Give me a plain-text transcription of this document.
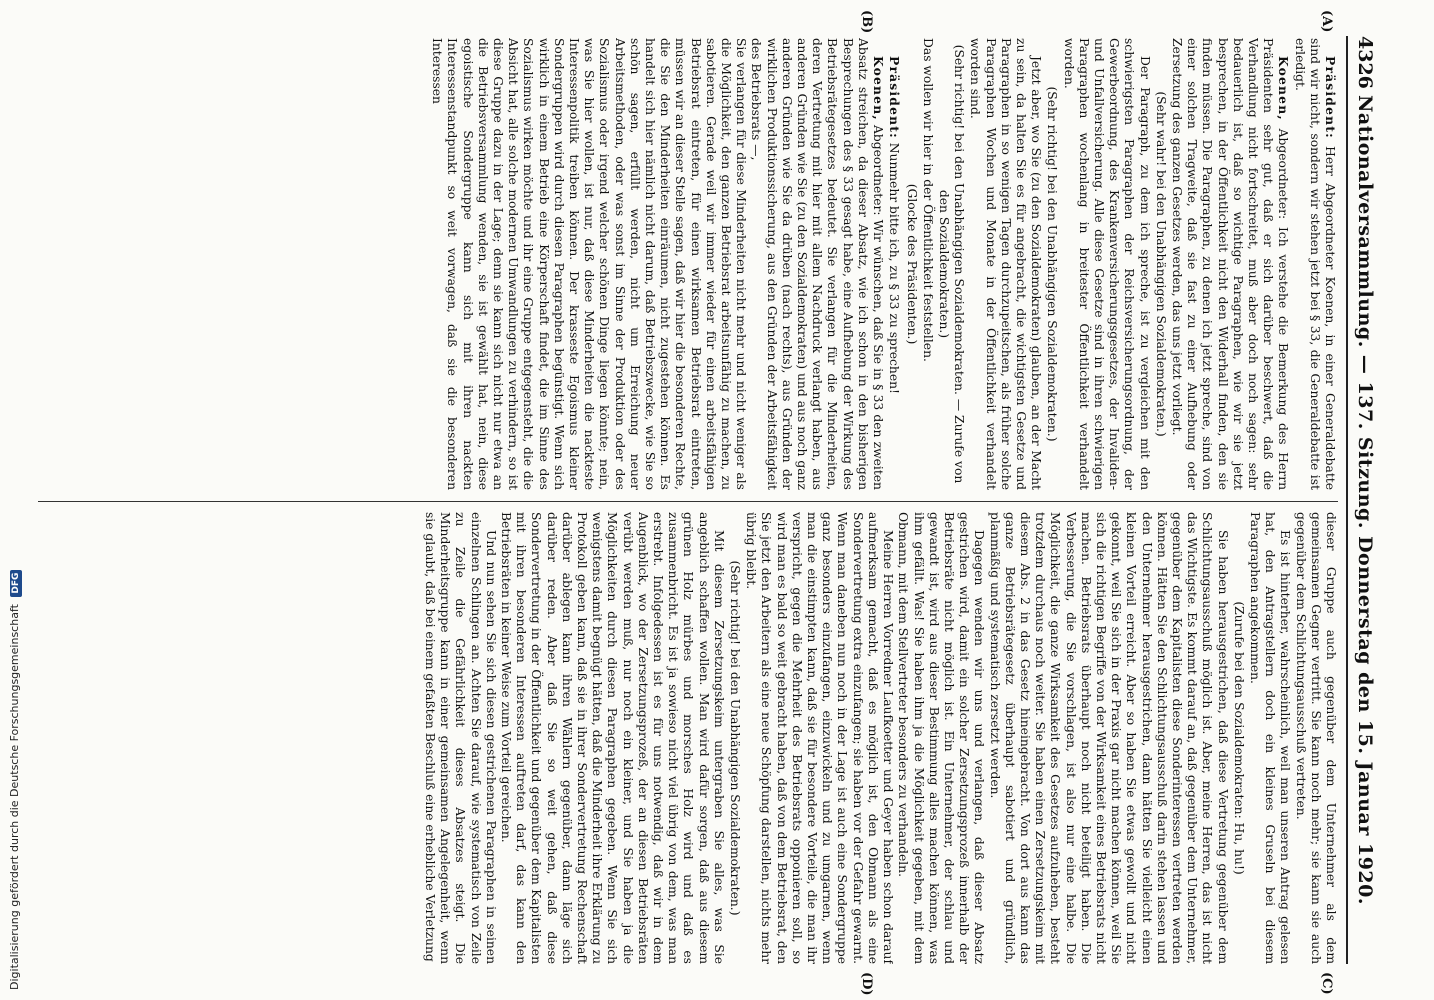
4326
Nationalversammlung. — 137. Sitzung. Donnerstag den 15. Januar 1920.
(A)
(B)
(C)
(D)

Präsident: Herr Abgeordneter Koenen, in einer Generaldebatte sind wir nicht, sondern wir stehen jetzt bei § 33, die Generaldebatte ist erledigt.

Koenen, Abgeordneter: Ich verstehe die Bemerkung des Herrn Präsidenten sehr gut, daß er sich darüber beschwert, daß die Verhandlung nicht fortschreitet, muß aber doch noch sagen: sehr bedauerlich ist, daß so wichtige Paragraphen, wie wir sie jetzt besprechen, in der Öffentlichkeit nicht den Widerhall finden, den sie finden müssen. Die Paragraphen, zu denen ich jetzt spreche, sind von einer solchen Tragweite, daß sie fast zu einer Aufhebung oder Zersetzung des ganzen Gesetzes werden, das uns jetzt vorliegt.

(Sehr wahr! bei den Unabhängigen Sozialdemokraten.)

Der Paragraph, zu dem ich spreche, ist zu vergleichen mit den schwierigsten Paragraphen der Reichsversicherungsordnung, der Gewerbeordnung, des Krankenversicherungsgesetzes, der Invaliden- und Unfallversicherung. Alle diese Gesetze sind in ihren schwierigen Paragraphen wochenlang in breitester Öffentlichkeit verhandelt worden.

(Sehr richtig! bei den Unabhängigen Sozialdemokraten.)

Jetzt aber, wo Sie (zu den Sozialdemokraten) glauben, an der Macht zu sein, da halten Sie es für angebracht, die wichtigsten Gesetze und Paragraphen in so wenigen Tagen durchzupeitschen, als früher solche Paragraphen Wochen und Monate in der Öffentlichkeit verhandelt worden sind.

(Sehr richtig! bei den Unabhängigen Sozialdemokraten. — Zurufe von den Sozialdemokraten.)

Das wollen wir hier in der Öffentlichkeit feststellen.

(Glocke des Präsidenten.)

Präsident: Nunmehr bitte ich, zu § 33 zu sprechen!

Koenen, Abgeordneter: Wir wünschen, daß Sie in § 33 den zweiten Absatz streichen, da dieser Absatz, wie ich schon in den bisherigen Besprechungen des § 33 gesagt habe, eine Aufhebung der Wirkung des Betriebsrätegesetzes bedeutet. Sie verlangen für die Minderheiten, deren Vertretung mit hier mit allem Nachdruck verlangt haben, aus anderen Gründen wie Sie (zu den Sozialdemokraten) und aus noch ganz anderen Gründen wie Sie da drüben (nach rechts), aus Gründen der wirklichen Produktionssicherung, aus den Gründen der Arbeitsfähigkeit des Betriebsrats —,

Sie verlangen für diese Minderheiten nicht mehr und nicht weniger als die Möglichkeit, den ganzen Betriebsrat arbeitsunfähig zu machen, zu sabotieren. Gerade weil wir immer wieder für einen arbeitsfähigen Betriebsrat eintreten, für einen wirksamen Betriebsrat eintreten, müssen wir an dieser Stelle sagen, daß wir hier die besonderen Rechte, die Sie den Minderheiten einräumen, nicht zugestehen können. Es handelt sich hier nämlich nicht darum, daß Betriebszwecke, wie Sie so schön sagen, erfüllt werden, nicht um Erreichung neuer Arbeitsmethoden, oder was sonst im Sinne der Produktion oder des Sozialismus oder irgend welcher schönen Dinge liegen könnte; nein, was Sie hier wollen, ist nur, daß diese Minderheiten die nackteste Interessenpolitik treiben können. Der krasseste Egoismus kleiner Sondergruppen wird durch diesen Paragraphen begünstigt. Wenn sich wirklich in einem Betrieb eine Körperschaft findet, die im Sinne des Sozialismus wirken möchte und ihr eine Gruppe entgegensteht, die die Absicht hat, alle solche modernen Umwandlungen zu verhindern, so ist diese Gruppe dazu in der Lage; denn sie kann sich nicht nur etwa an die Betriebsversammlung wenden, sie ist gewählt hat, nein, diese egoistische Sondergruppe kann sich mit ihren nackten Interessenstandpunkt so weit vorwagen, daß sie die besonderen Interessen

dieser Gruppe auch gegenüber dem Unternehmer als dem gemeinsamen Gegner vertritt. Sie kann noch mehr; sie kann sie auch gegenüber dem Schlichtungsausschuß vertreten.

Es ist hinterher, wahrscheinlich, weil man unseren Antrag gelesen hat, den Antragstellern doch ein kleines Gruseln bei diesem Paragraphen angekommen.

(Zurufe bei den Sozialdemokraten: Hu, hu!)

Sie haben herausgestrichen, daß diese Vertretung gegenüber dem Schlichtungsausschuß möglich ist. Aber, meine Herren, das ist nicht das Wichtigste. Es kommt darauf an, daß gegenüber dem Unternehmer, gegenüber dem Kapitalisten diese Sonderinteressen vertreten werden können. Hätten Sie den Schlichtungsausschuß darin stehen lassen und den Unternehmer herausgestrichen, dann hätten Sie vielleicht einen kleinen Vorteil erreicht. Aber so haben Sie etwas gewollt und nicht gekonnt, weil Sie sich in der Praxis gar nicht machen können, weil Sie sich die richtigen Begriffe von der Wirksamkeit eines Betriebsrats nicht machen. Betriebsrats überhaupt noch nicht beteiligt haben. Die Verbesserung, die Sie vorschlagen, ist also nur eine halbe. Die Möglichkeit, die ganze Wirksamkeit des Gesetzes aufzuheben, besteht trotzdem durchaus noch weiter. Sie haben einen Zersetzungskeim mit diesem Abs. 2 in das Gesetz hineingebracht. Von dort aus kann das ganze Betriebsrätegesetz überhaupt sabotiert und gründlich, planmäßig und systematisch zersetzt werden.

Dagegen wenden wir uns und verlangen, daß dieser Absatz gestrichen wird, damit ein solcher Zersetzungsprozeß innerhalb der Betriebsräte nicht möglich ist. Ein Unternehmer, der schlau und gewandt ist, wird aus dieser Bestimmung alles machen können, was ihm gefällt. Was! Sie haben ihm ja die Möglichkeit gegeben, mit dem Obmann, mit dem Stellvertreter besonders zu verhandeln.

Meine Herren Vorredner Laufkoetter und Geyer haben schon darauf aufmerksam gemacht, daß es möglich ist, den Obmann als eine Sondervertretung extra einzufangen; sie haben vor der Gefahr gewarnt. Wenn man daneben nun noch in der Lage ist auch eine Sondergruppe ganz besonders einzufangen, einzuwickeln und zu umgarnen, wenn man die einstimpten kann, daß sie für besondere Vorteile, die man ihr verspricht, gegen die Mehrheit des Betriebsrats opponieren soll, so wird man es bald so weit gebracht haben, daß von dem Betriebsrat, den Sie jetzt den Arbeitern als eine neue Schöpfung darstellen, nichts mehr übrig bleibt.

(Sehr richtig! bei den Unabhängigen Sozialdemokraten.)

Mit diesem Zersetzungskeim untergraben Sie alles, was Sie angeblich schaffen wollen. Man wird dafür sorgen, daß aus diesem grünen Holz mürbes und morsches Holz wird und daß es zusammenbricht. Es ist ja sowieso nicht viel übrig von dem, was man erstrebt. Infolgedessen ist es für uns notwendig, daß wir in dem Augenblick, wo der Zersetzungsprozeß, der an diesen Betriebsräten verübt werden muß, nur noch ein kleiner, und Sie haben ja die Möglichkeiten durch diesen Paragraphen gegeben. Wenn Sie sich wenigstens damit begnügt hätten, daß die Minderheit ihre Erklärung zu Protokoll geben kann, daß sie in ihrer Sondervertretung Rechenschaft darüber ablegen kann ihren Wählern gegenüber, dann läge sich darüber reden. Aber daß Sie so weit gehen, daß diese Sondervertretung in der Öffentlichkeit und gegenüber dem Kapitalisten mit ihren besonderen Interessen auftreten darf, das kann den Betriebsräten in keiner Weise zum Vorteil gereichen.

Und nun sehen Sie sich diesen gestrichenen Paragraphen in seinen einzelnen Schlingen an. Achten Sie darauf, wie systematisch von Zeile zu Zeile die Gefährlichkeit dieses Absatzes steigt. Die Minderheitsgruppe kann in einer gemeinsamen Angelegenheit, wenn sie glaubt, daß bei einem gefaßten Beschluß eine erhebliche Verletzung

Digitalisierung gefördert durch die Deutsche Forschungsgemeinschaft DFG
